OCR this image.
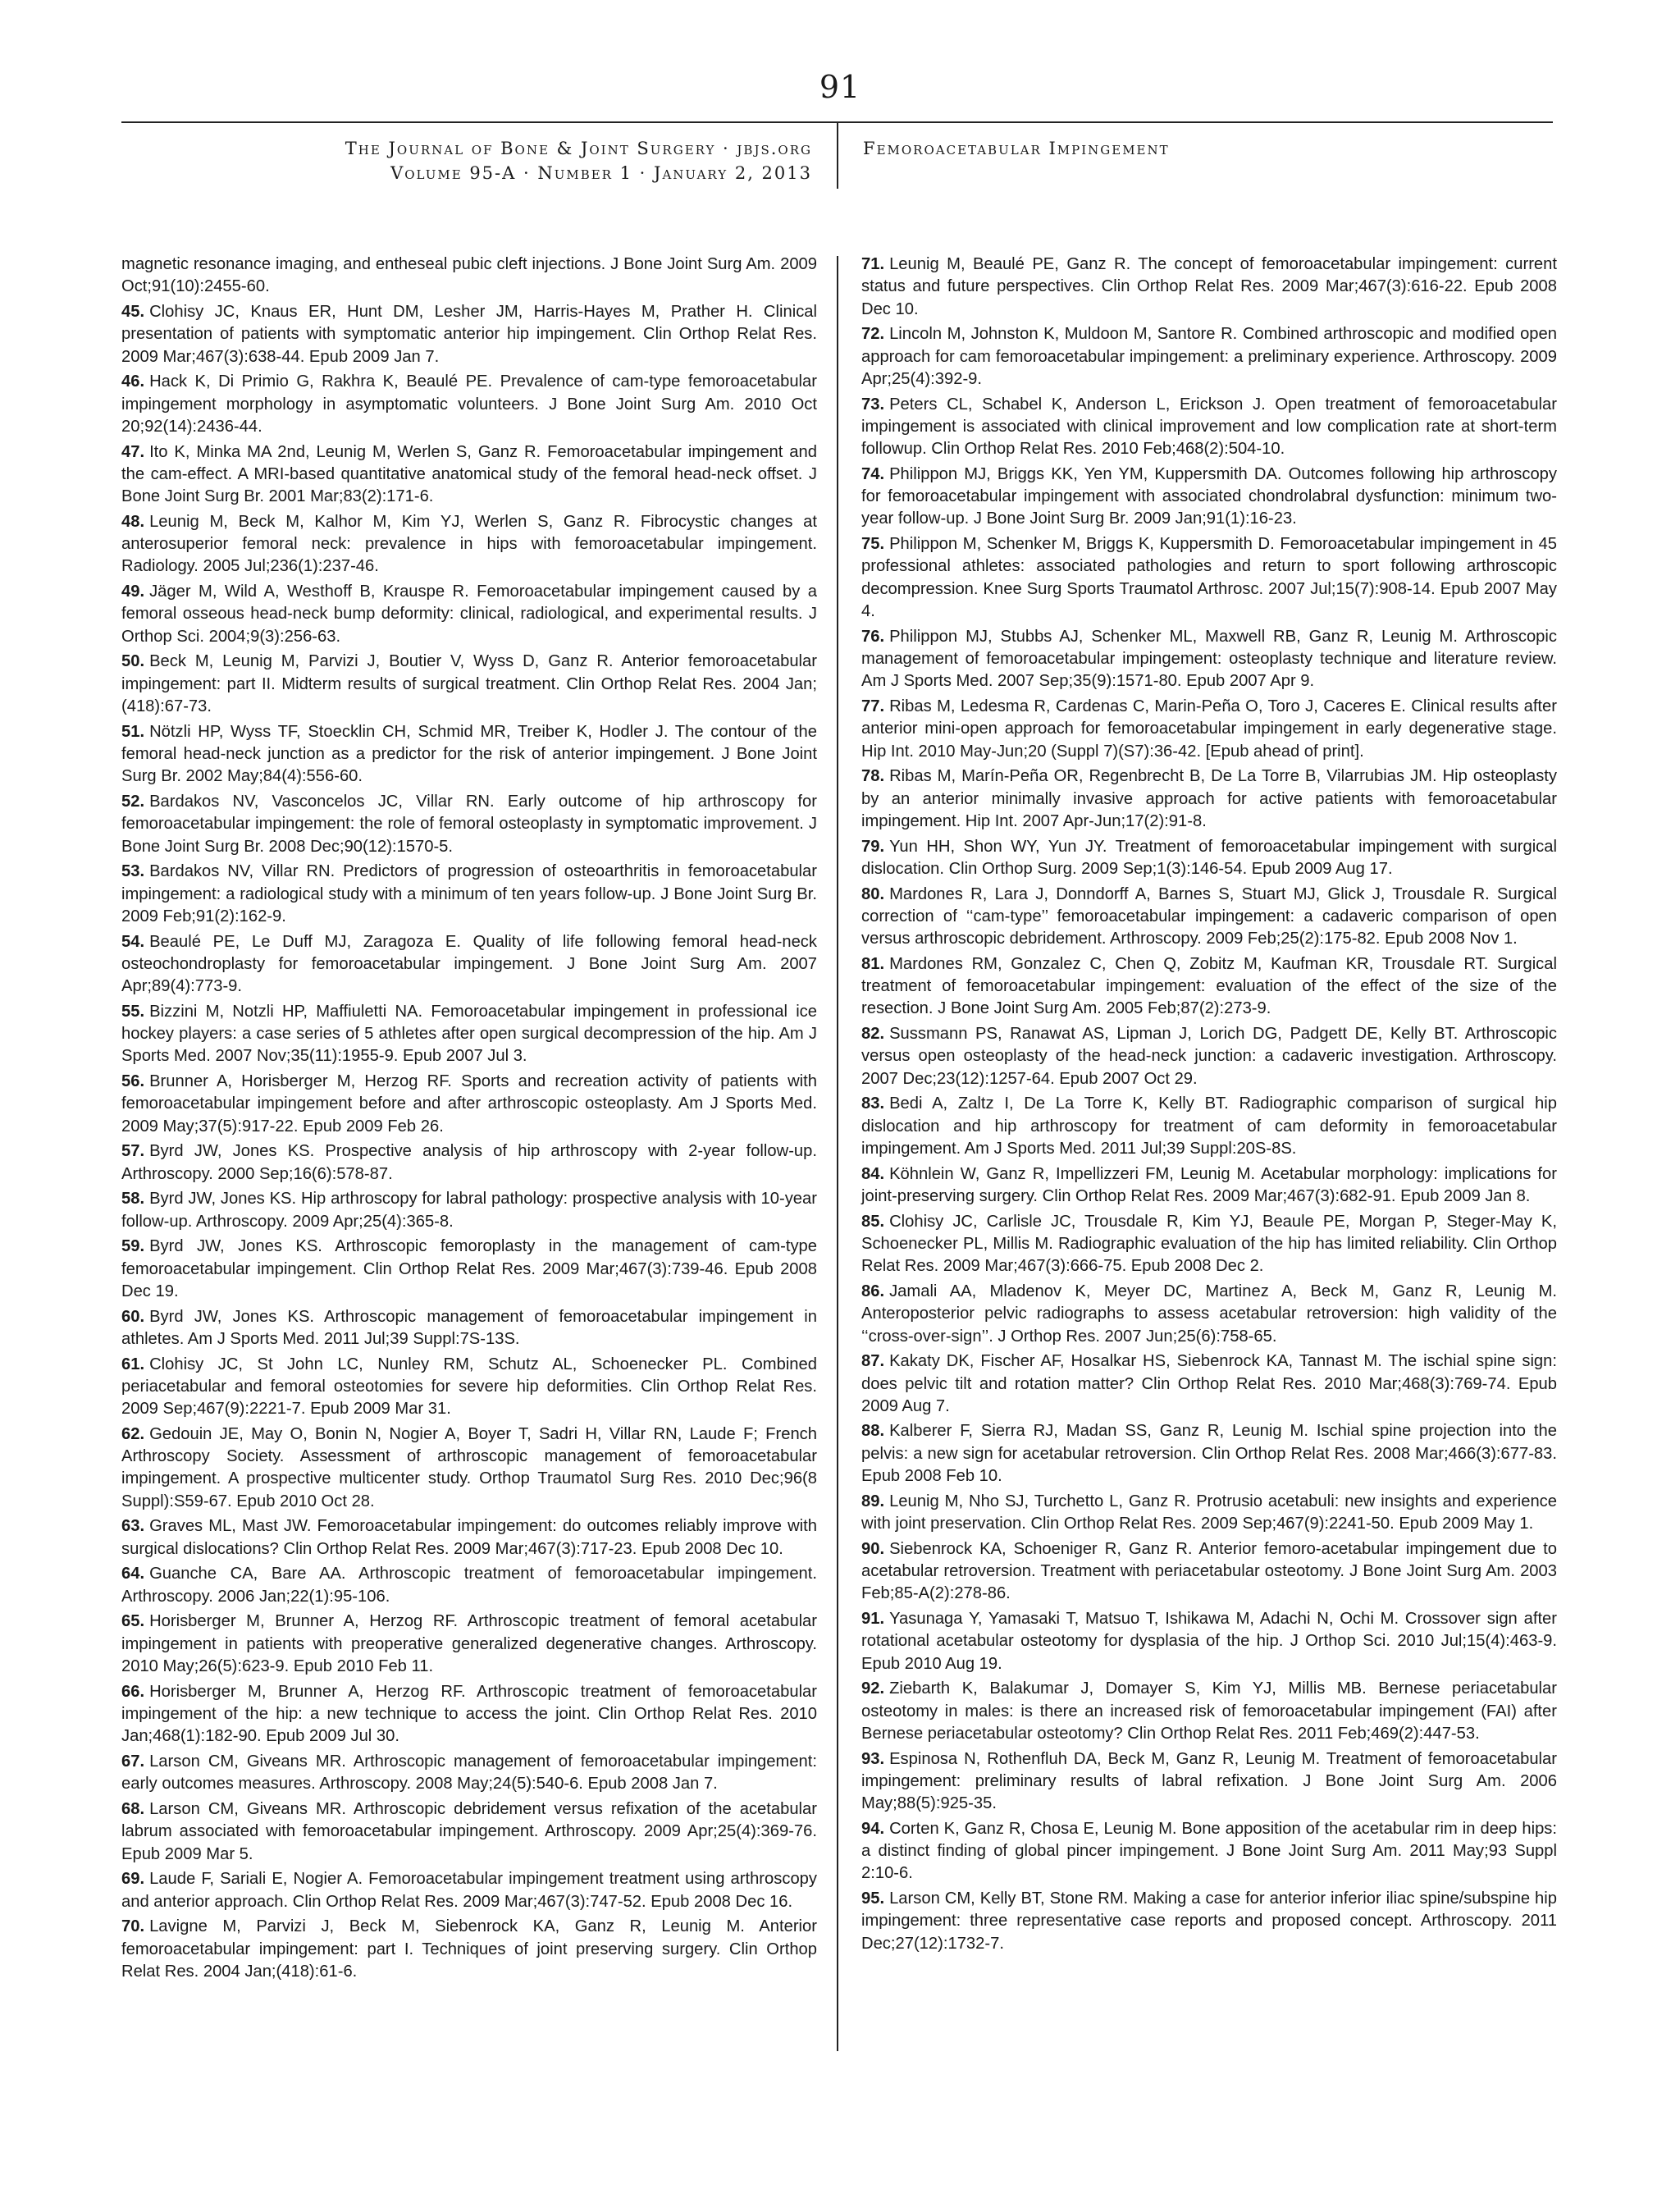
91
The Journal of Bone & Joint Surgery · jbjs.org
Volume 95-A · Number 1 · January 2, 2013
Femoroacetabular Impingement

magnetic resonance imaging, and entheseal pubic cleft injections. J Bone Joint Surg Am. 2009 Oct;91(10):2455-60.

45. Clohisy JC, Knaus ER, Hunt DM, Lesher JM, Harris-Hayes M, Prather H. Clinical presentation of patients with symptomatic anterior hip impingement. Clin Orthop Relat Res. 2009 Mar;467(3):638-44. Epub 2009 Jan 7.

46. Hack K, Di Primio G, Rakhra K, Beaulé PE. Prevalence of cam-type femoroacetabular impingement morphology in asymptomatic volunteers. J Bone Joint Surg Am. 2010 Oct 20;92(14):2436-44.

47. Ito K, Minka MA 2nd, Leunig M, Werlen S, Ganz R. Femoroacetabular impingement and the cam-effect. A MRI-based quantitative anatomical study of the femoral head-neck offset. J Bone Joint Surg Br. 2001 Mar;83(2):171-6.

48. Leunig M, Beck M, Kalhor M, Kim YJ, Werlen S, Ganz R. Fibrocystic changes at anterosuperior femoral neck: prevalence in hips with femoroacetabular impingement. Radiology. 2005 Jul;236(1):237-46.

49. Jäger M, Wild A, Westhoff B, Krauspe R. Femoroacetabular impingement caused by a femoral osseous head-neck bump deformity: clinical, radiological, and experimental results. J Orthop Sci. 2004;9(3):256-63.

50. Beck M, Leunig M, Parvizi J, Boutier V, Wyss D, Ganz R. Anterior femoroacetabular impingement: part II. Midterm results of surgical treatment. Clin Orthop Relat Res. 2004 Jan;(418):67-73.

51. Nötzli HP, Wyss TF, Stoecklin CH, Schmid MR, Treiber K, Hodler J. The contour of the femoral head-neck junction as a predictor for the risk of anterior impingement. J Bone Joint Surg Br. 2002 May;84(4):556-60.

52. Bardakos NV, Vasconcelos JC, Villar RN. Early outcome of hip arthroscopy for femoroacetabular impingement: the role of femoral osteoplasty in symptomatic improvement. J Bone Joint Surg Br. 2008 Dec;90(12):1570-5.

53. Bardakos NV, Villar RN. Predictors of progression of osteoarthritis in femoroacetabular impingement: a radiological study with a minimum of ten years follow-up. J Bone Joint Surg Br. 2009 Feb;91(2):162-9.

54. Beaulé PE, Le Duff MJ, Zaragoza E. Quality of life following femoral head-neck osteochondroplasty for femoroacetabular impingement. J Bone Joint Surg Am. 2007 Apr;89(4):773-9.

55. Bizzini M, Notzli HP, Maffiuletti NA. Femoroacetabular impingement in professional ice hockey players: a case series of 5 athletes after open surgical decompression of the hip. Am J Sports Med. 2007 Nov;35(11):1955-9. Epub 2007 Jul 3.

56. Brunner A, Horisberger M, Herzog RF. Sports and recreation activity of patients with femoroacetabular impingement before and after arthroscopic osteoplasty. Am J Sports Med. 2009 May;37(5):917-22. Epub 2009 Feb 26.

57. Byrd JW, Jones KS. Prospective analysis of hip arthroscopy with 2-year follow-up. Arthroscopy. 2000 Sep;16(6):578-87.

58. Byrd JW, Jones KS. Hip arthroscopy for labral pathology: prospective analysis with 10-year follow-up. Arthroscopy. 2009 Apr;25(4):365-8.

59. Byrd JW, Jones KS. Arthroscopic femoroplasty in the management of cam-type femoroacetabular impingement. Clin Orthop Relat Res. 2009 Mar;467(3):739-46. Epub 2008 Dec 19.

60. Byrd JW, Jones KS. Arthroscopic management of femoroacetabular impingement in athletes. Am J Sports Med. 2011 Jul;39 Suppl:7S-13S.

61. Clohisy JC, St John LC, Nunley RM, Schutz AL, Schoenecker PL. Combined periacetabular and femoral osteotomies for severe hip deformities. Clin Orthop Relat Res. 2009 Sep;467(9):2221-7. Epub 2009 Mar 31.

62. Gedouin JE, May O, Bonin N, Nogier A, Boyer T, Sadri H, Villar RN, Laude F; French Arthroscopy Society. Assessment of arthroscopic management of femoroacetabular impingement. A prospective multicenter study. Orthop Traumatol Surg Res. 2010 Dec;96(8 Suppl):S59-67. Epub 2010 Oct 28.

63. Graves ML, Mast JW. Femoroacetabular impingement: do outcomes reliably improve with surgical dislocations? Clin Orthop Relat Res. 2009 Mar;467(3):717-23. Epub 2008 Dec 10.

64. Guanche CA, Bare AA. Arthroscopic treatment of femoroacetabular impingement. Arthroscopy. 2006 Jan;22(1):95-106.

65. Horisberger M, Brunner A, Herzog RF. Arthroscopic treatment of femoral acetabular impingement in patients with preoperative generalized degenerative changes. Arthroscopy. 2010 May;26(5):623-9. Epub 2010 Feb 11.

66. Horisberger M, Brunner A, Herzog RF. Arthroscopic treatment of femoroacetabular impingement of the hip: a new technique to access the joint. Clin Orthop Relat Res. 2010 Jan;468(1):182-90. Epub 2009 Jul 30.

67. Larson CM, Giveans MR. Arthroscopic management of femoroacetabular impingement: early outcomes measures. Arthroscopy. 2008 May;24(5):540-6. Epub 2008 Jan 7.

68. Larson CM, Giveans MR. Arthroscopic debridement versus refixation of the acetabular labrum associated with femoroacetabular impingement. Arthroscopy. 2009 Apr;25(4):369-76. Epub 2009 Mar 5.

69. Laude F, Sariali E, Nogier A. Femoroacetabular impingement treatment using arthroscopy and anterior approach. Clin Orthop Relat Res. 2009 Mar;467(3):747-52. Epub 2008 Dec 16.

70. Lavigne M, Parvizi J, Beck M, Siebenrock KA, Ganz R, Leunig M. Anterior femoroacetabular impingement: part I. Techniques of joint preserving surgery. Clin Orthop Relat Res. 2004 Jan;(418):61-6.

71. Leunig M, Beaulé PE, Ganz R. The concept of femoroacetabular impingement: current status and future perspectives. Clin Orthop Relat Res. 2009 Mar;467(3):616-22. Epub 2008 Dec 10.

72. Lincoln M, Johnston K, Muldoon M, Santore R. Combined arthroscopic and modified open approach for cam femoroacetabular impingement: a preliminary experience. Arthroscopy. 2009 Apr;25(4):392-9.

73. Peters CL, Schabel K, Anderson L, Erickson J. Open treatment of femoroacetabular impingement is associated with clinical improvement and low complication rate at short-term followup. Clin Orthop Relat Res. 2010 Feb;468(2):504-10.

74. Philippon MJ, Briggs KK, Yen YM, Kuppersmith DA. Outcomes following hip arthroscopy for femoroacetabular impingement with associated chondrolabral dysfunction: minimum two-year follow-up. J Bone Joint Surg Br. 2009 Jan;91(1):16-23.

75. Philippon M, Schenker M, Briggs K, Kuppersmith D. Femoroacetabular impingement in 45 professional athletes: associated pathologies and return to sport following arthroscopic decompression. Knee Surg Sports Traumatol Arthrosc. 2007 Jul;15(7):908-14. Epub 2007 May 4.

76. Philippon MJ, Stubbs AJ, Schenker ML, Maxwell RB, Ganz R, Leunig M. Arthroscopic management of femoroacetabular impingement: osteoplasty technique and literature review. Am J Sports Med. 2007 Sep;35(9):1571-80. Epub 2007 Apr 9.

77. Ribas M, Ledesma R, Cardenas C, Marin-Peña O, Toro J, Caceres E. Clinical results after anterior mini-open approach for femoroacetabular impingement in early degenerative stage. Hip Int. 2010 May-Jun;20 (Suppl 7)(S7):36-42. [Epub ahead of print].

78. Ribas M, Marín-Peña OR, Regenbrecht B, De La Torre B, Vilarrubias JM. Hip osteoplasty by an anterior minimally invasive approach for active patients with femoroacetabular impingement. Hip Int. 2007 Apr-Jun;17(2):91-8.

79. Yun HH, Shon WY, Yun JY. Treatment of femoroacetabular impingement with surgical dislocation. Clin Orthop Surg. 2009 Sep;1(3):146-54. Epub 2009 Aug 17.

80. Mardones R, Lara J, Donndorff A, Barnes S, Stuart MJ, Glick J, Trousdale R. Surgical correction of ‘‘cam-type’’ femoroacetabular impingement: a cadaveric comparison of open versus arthroscopic debridement. Arthroscopy. 2009 Feb;25(2):175-82. Epub 2008 Nov 1.

81. Mardones RM, Gonzalez C, Chen Q, Zobitz M, Kaufman KR, Trousdale RT. Surgical treatment of femoroacetabular impingement: evaluation of the effect of the size of the resection. J Bone Joint Surg Am. 2005 Feb;87(2):273-9.

82. Sussmann PS, Ranawat AS, Lipman J, Lorich DG, Padgett DE, Kelly BT. Arthroscopic versus open osteoplasty of the head-neck junction: a cadaveric investigation. Arthroscopy. 2007 Dec;23(12):1257-64. Epub 2007 Oct 29.

83. Bedi A, Zaltz I, De La Torre K, Kelly BT. Radiographic comparison of surgical hip dislocation and hip arthroscopy for treatment of cam deformity in femoroacetabular impingement. Am J Sports Med. 2011 Jul;39 Suppl:20S-8S.

84. Köhnlein W, Ganz R, Impellizzeri FM, Leunig M. Acetabular morphology: implications for joint-preserving surgery. Clin Orthop Relat Res. 2009 Mar;467(3):682-91. Epub 2009 Jan 8.

85. Clohisy JC, Carlisle JC, Trousdale R, Kim YJ, Beaule PE, Morgan P, Steger-May K, Schoenecker PL, Millis M. Radiographic evaluation of the hip has limited reliability. Clin Orthop Relat Res. 2009 Mar;467(3):666-75. Epub 2008 Dec 2.

86. Jamali AA, Mladenov K, Meyer DC, Martinez A, Beck M, Ganz R, Leunig M. Anteroposterior pelvic radiographs to assess acetabular retroversion: high validity of the ‘‘cross-over-sign’’. J Orthop Res. 2007 Jun;25(6):758-65.

87. Kakaty DK, Fischer AF, Hosalkar HS, Siebenrock KA, Tannast M. The ischial spine sign: does pelvic tilt and rotation matter? Clin Orthop Relat Res. 2010 Mar;468(3):769-74. Epub 2009 Aug 7.

88. Kalberer F, Sierra RJ, Madan SS, Ganz R, Leunig M. Ischial spine projection into the pelvis: a new sign for acetabular retroversion. Clin Orthop Relat Res. 2008 Mar;466(3):677-83. Epub 2008 Feb 10.

89. Leunig M, Nho SJ, Turchetto L, Ganz R. Protrusio acetabuli: new insights and experience with joint preservation. Clin Orthop Relat Res. 2009 Sep;467(9):2241-50. Epub 2009 May 1.

90. Siebenrock KA, Schoeniger R, Ganz R. Anterior femoro-acetabular impingement due to acetabular retroversion. Treatment with periacetabular osteotomy. J Bone Joint Surg Am. 2003 Feb;85-A(2):278-86.

91. Yasunaga Y, Yamasaki T, Matsuo T, Ishikawa M, Adachi N, Ochi M. Crossover sign after rotational acetabular osteotomy for dysplasia of the hip. J Orthop Sci. 2010 Jul;15(4):463-9. Epub 2010 Aug 19.

92. Ziebarth K, Balakumar J, Domayer S, Kim YJ, Millis MB. Bernese periacetabular osteotomy in males: is there an increased risk of femoroacetabular impingement (FAI) after Bernese periacetabular osteotomy? Clin Orthop Relat Res. 2011 Feb;469(2):447-53.

93. Espinosa N, Rothenfluh DA, Beck M, Ganz R, Leunig M. Treatment of femoroacetabular impingement: preliminary results of labral refixation. J Bone Joint Surg Am. 2006 May;88(5):925-35.

94. Corten K, Ganz R, Chosa E, Leunig M. Bone apposition of the acetabular rim in deep hips: a distinct finding of global pincer impingement. J Bone Joint Surg Am. 2011 May;93 Suppl 2:10-6.

95. Larson CM, Kelly BT, Stone RM. Making a case for anterior inferior iliac spine/subspine hip impingement: three representative case reports and proposed concept. Arthroscopy. 2011 Dec;27(12):1732-7.
